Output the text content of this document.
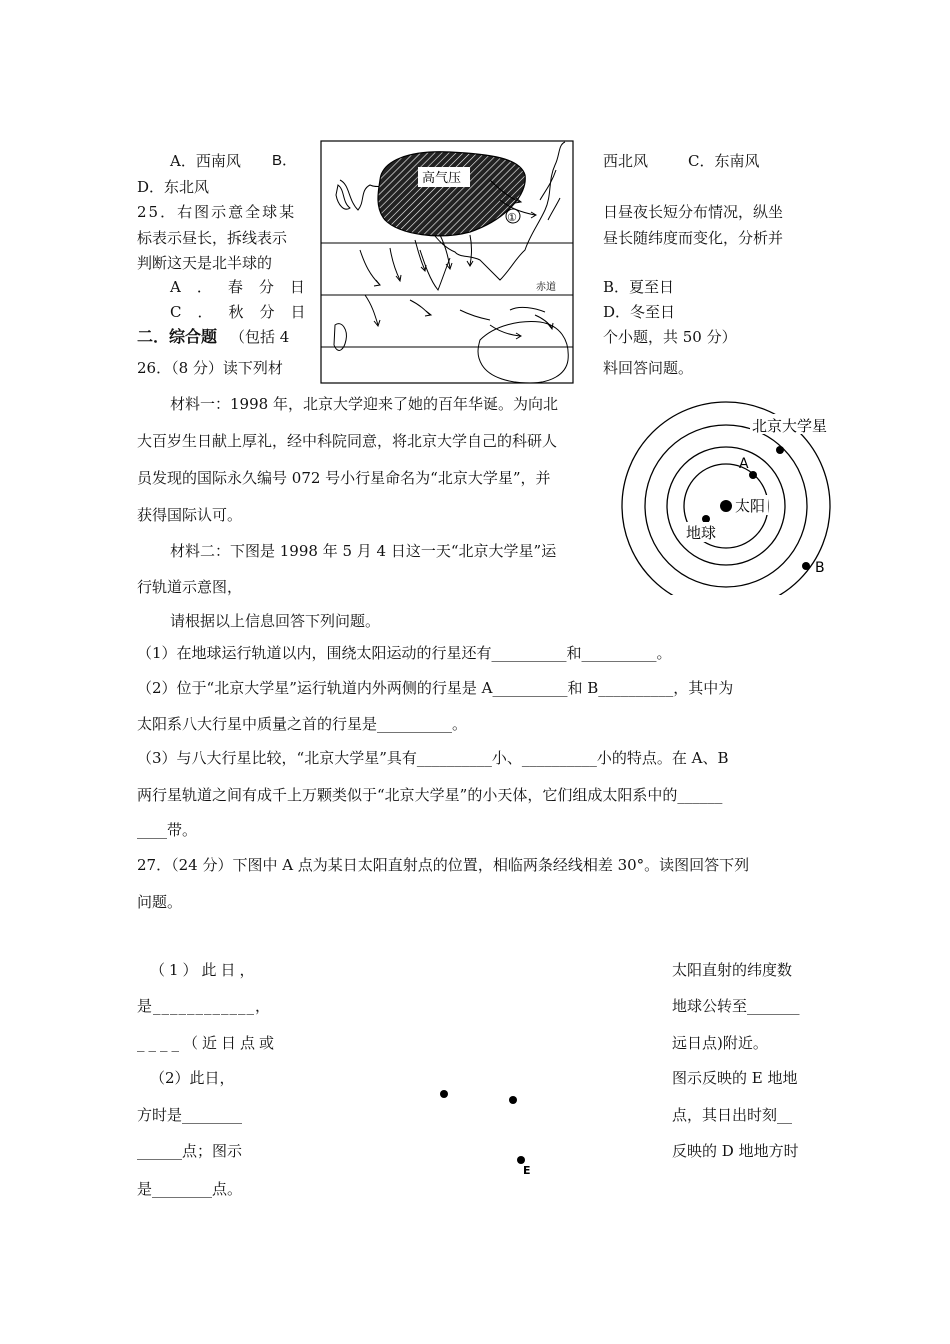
A．西南风 B．	西北风	C．东南风
D．东北风
25．右图示意全球某	日昼夜长短分布情况，纵坐
标表示昼长，拆线表示	昼长随纬度而变化，分析并
判断这天是北半球的
A．春分日	B．夏至日
C．秋分日	D．冬至日
二．综合题 （包括 4	个小题，共 50 分）
高气压
①
赤道
26．（8 分）读下列材	料回答问题。
材料一：1998 年，北京大学迎来了她的百年华诞。为向北
大百岁生日献上厚礼，经中科院同意，将北京大学自己的科研人
员发现的国际永久编号 072 号小行星命名为“北京大学星”，并
获得国际认可。
材料二：下图是 1998 年 5 月 4 日这一天“北京大学星”运
行轨道示意图，
请根据以上信息回答下列问题。
北京大学星
A
太阳
地球
B
（1）在地球运行轨道以内，围绕太阳运动的行星还有__________和__________。
（2）位于“北京大学星”运行轨道内外两侧的行星是 A__________和 B__________，其中为
太阳系八大行星中质量之首的行星是__________。
（3）与八大行星比较，“北京大学星”具有__________小、__________小的特点。在 A、B
两行星轨道之间有成千上万颗类似于“北京大学星”的小天体，它们组成太阳系中的______
____带。
27．（24 分）下图中 A 点为某日太阳直射点的位置，相临两条经线相差 30°。读图回答下列
问题。
（1）此日，	太阳直射的纬度数
是____________，	地球公转至_______
____（近日点或	远日点)附近。
（2）此日，	图示反映的 E 地地
方时是________	点，其日出时刻__
______点；图示	反映的 D 地地方时
是________点。
E
